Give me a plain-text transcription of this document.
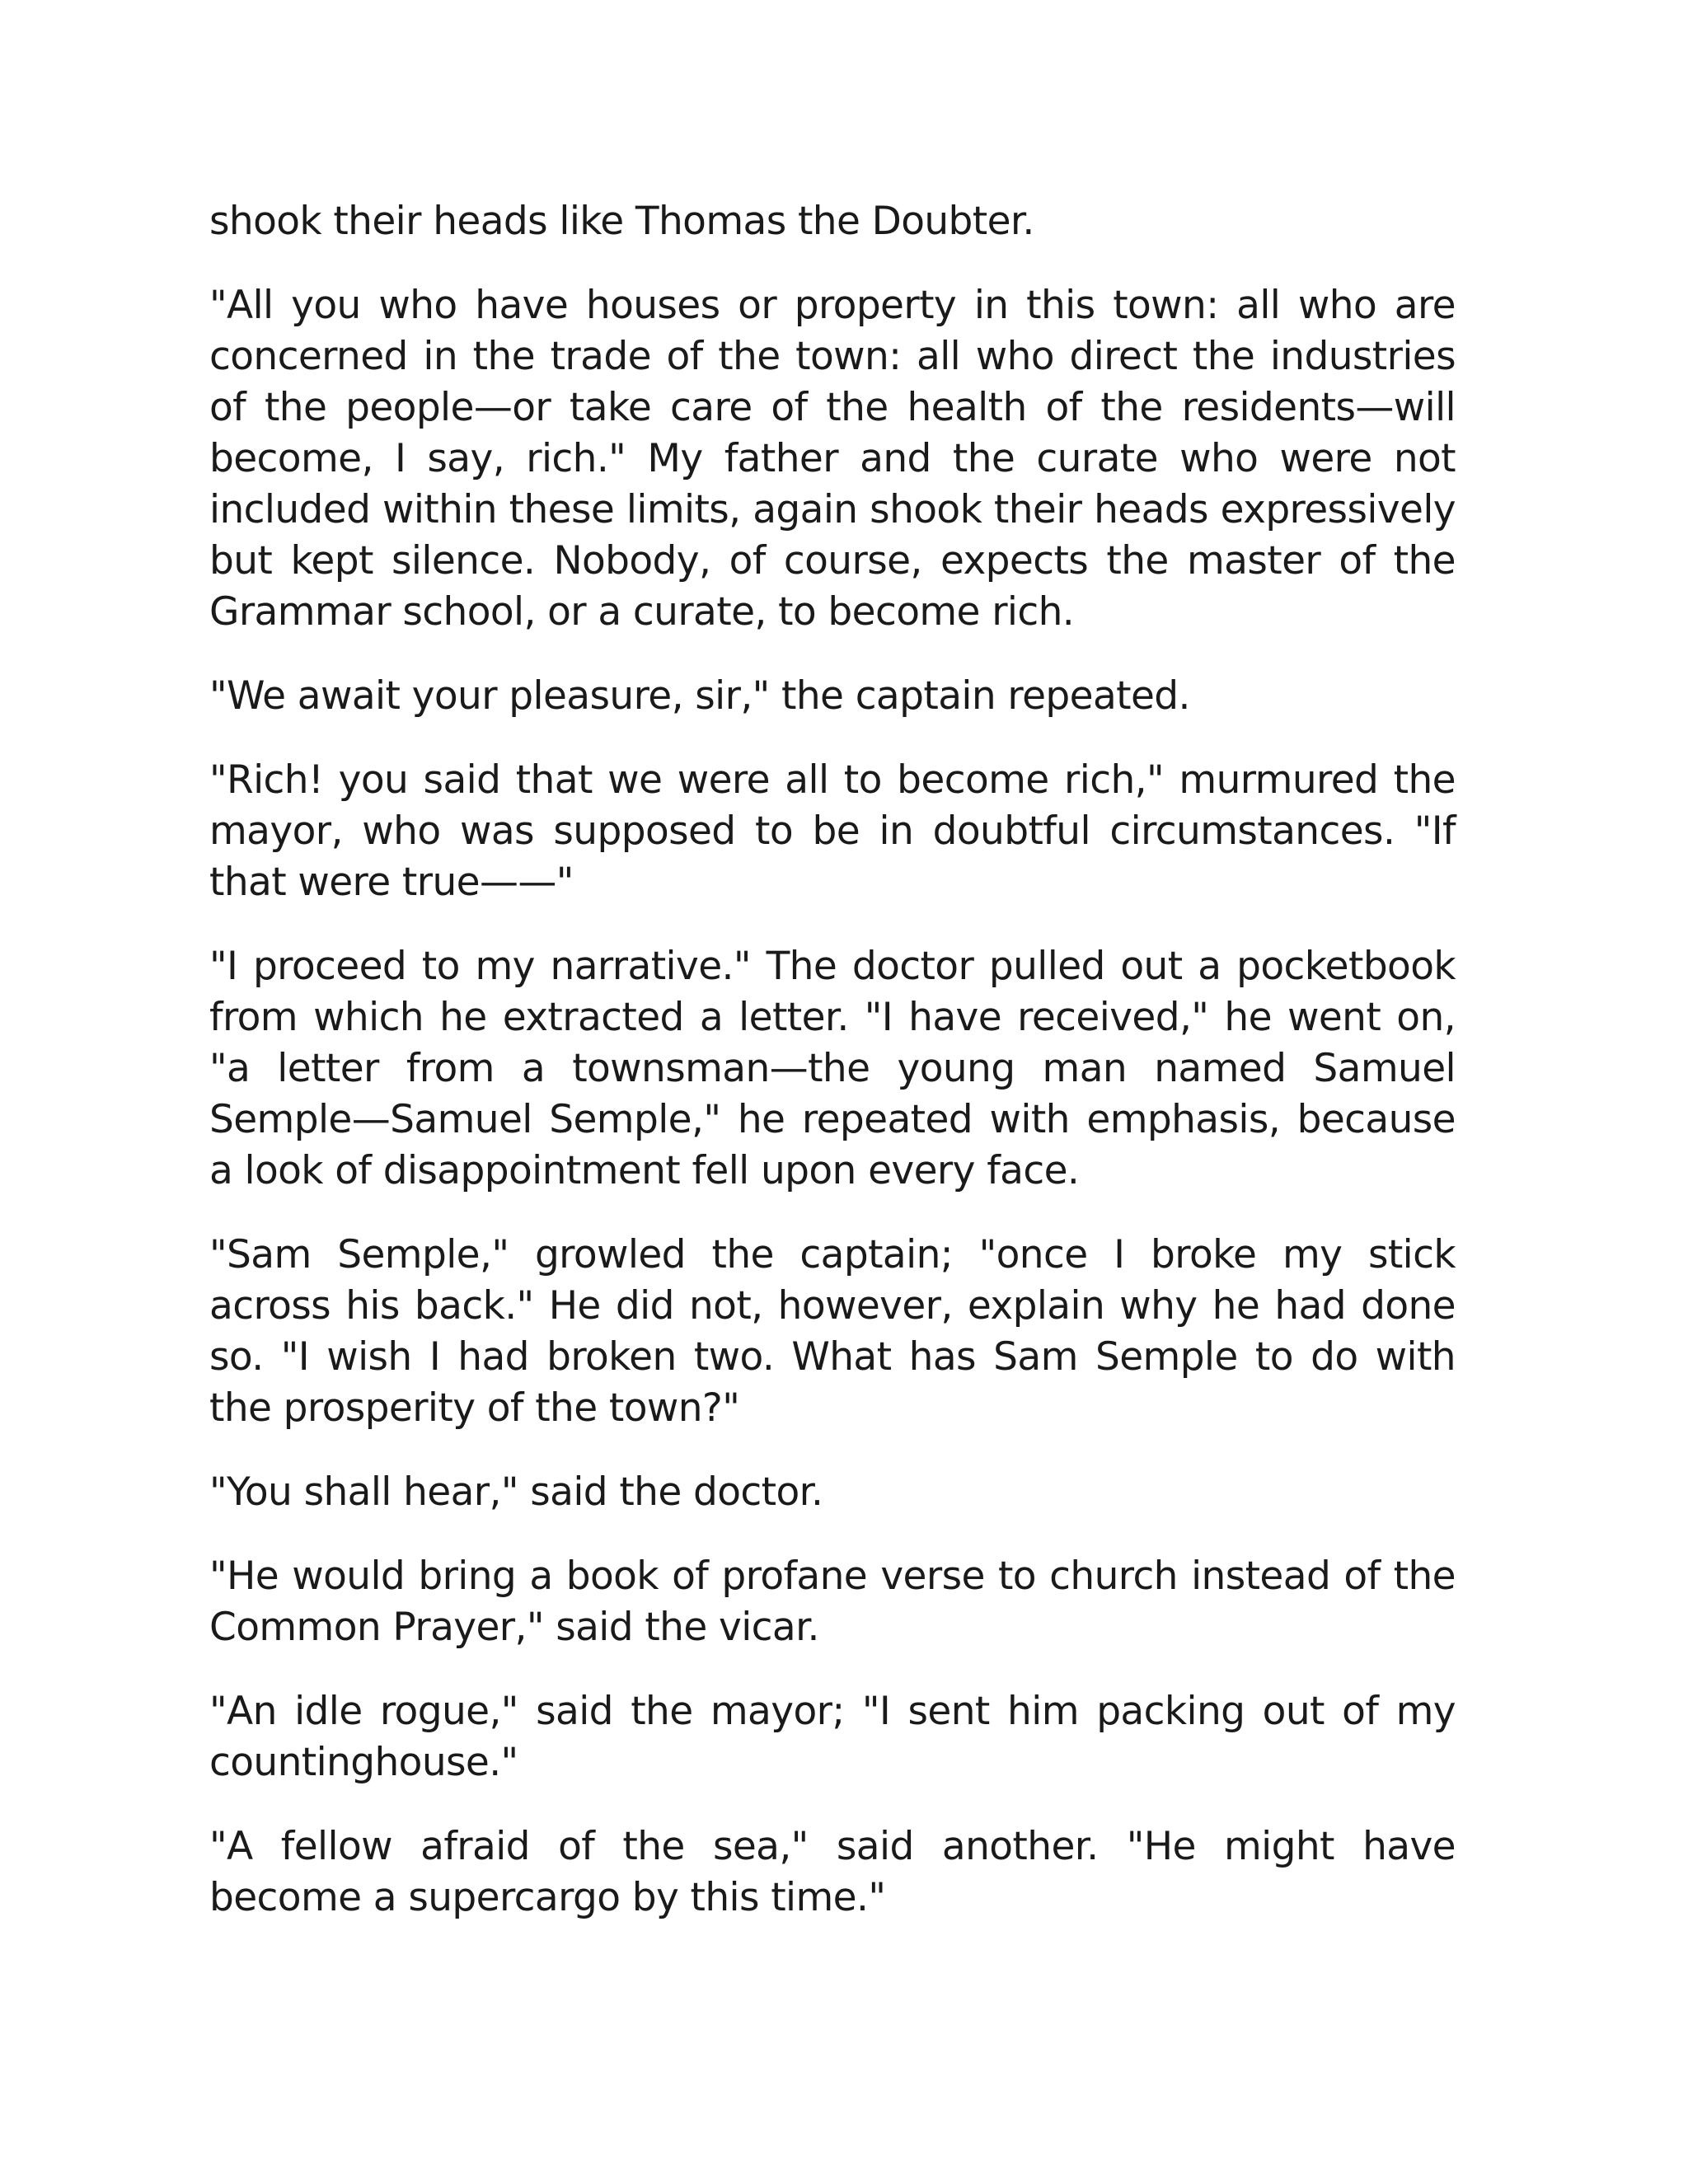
shook their heads like Thomas the Doubter.

"All you who have houses or property in this town: all who are concerned in the trade of the town: all who direct the industries of the people—or take care of the health of the residents—will become, I say, rich." My father and the curate who were not included within these limits, again shook their heads expressively but kept silence. Nobody, of course, expects the master of the Grammar school, or a curate, to become rich.

"We await your pleasure, sir," the captain repeated.

"Rich! you said that we were all to become rich," murmured the mayor, who was supposed to be in doubtful circumstances. "If that were true——"

"I proceed to my narrative." The doctor pulled out a pocketbook from which he extracted a letter. "I have received," he went on, "a letter from a townsman—the young man named Samuel Semple—Samuel Semple," he repeated with emphasis, because a look of disappointment fell upon every face.

"Sam Semple," growled the captain; "once I broke my stick across his back." He did not, however, explain why he had done so. "I wish I had broken two. What has Sam Semple to do with the prosperity of the town?"

"You shall hear," said the doctor.

"He would bring a book of profane verse to church instead of the Common Prayer," said the vicar.

"An idle rogue," said the mayor; "I sent him packing out of my countinghouse."

"A fellow afraid of the sea," said another. "He might have become a supercargo by this time."
